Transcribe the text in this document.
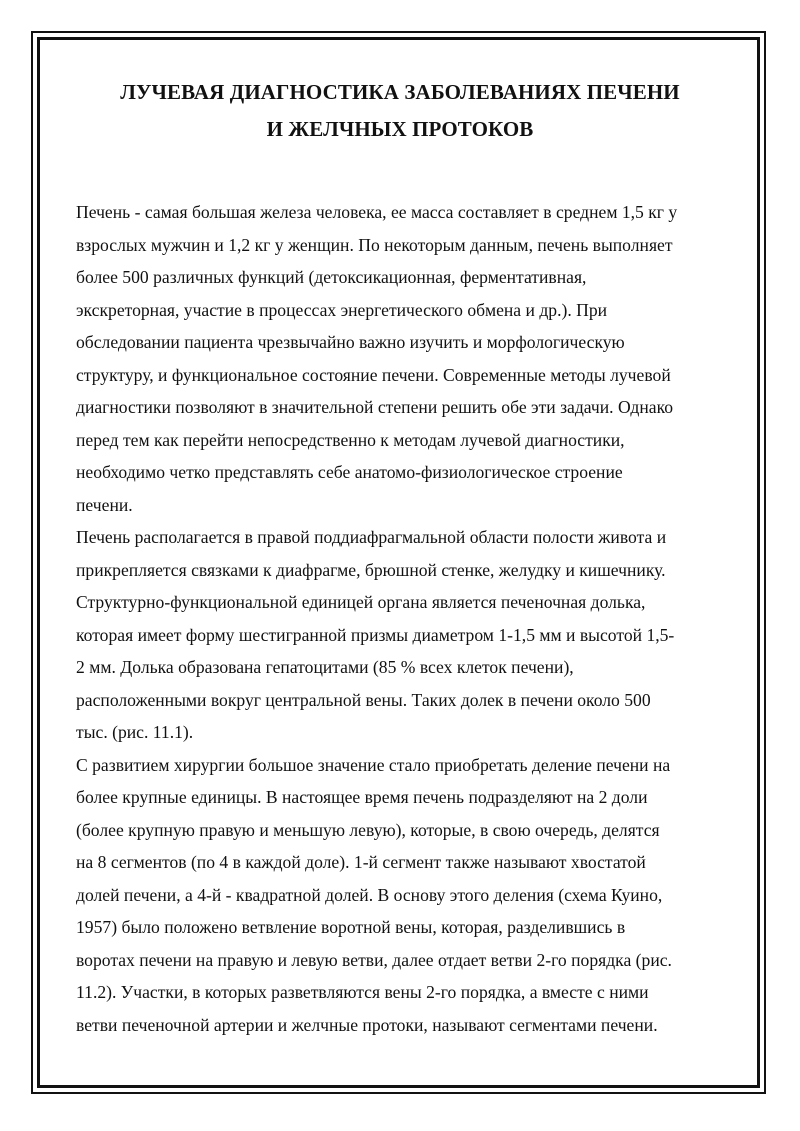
ЛУЧЕВАЯ ДИАГНОСТИКА ЗАБОЛЕВАНИЯХ ПЕЧЕНИ
И ЖЕЛЧНЫХ ПРОТОКОВ

Печень - самая большая железа человека, ее масса составляет в среднем 1,5 кг у
взрослых мужчин и 1,2 кг у женщин. По некоторым данным, печень выполняет
более 500 различных функций (детоксикационная, ферментативная,
экскреторная, участие в процессах энергетического обмена и др.). При
обследовании пациента чрезвычайно важно изучить и морфологическую
структуру, и функциональное состояние печени. Современные методы лучевой
диагностики позволяют в значительной степени решить обе эти задачи. Однако
перед тем как перейти непосредственно к методам лучевой диагностики,
необходимо четко представлять себе анатомо-физиологическое строение
печени.

Печень располагается в правой поддиафрагмальной области полости живота и
прикрепляется связками к диафрагме, брюшной стенке, желудку и кишечнику.
Структурно-функциональной единицей органа является печеночная долька,
которая имеет форму шестигранной призмы диаметром 1-1,5 мм и высотой 1,5-
2 мм. Долька образована гепатоцитами (85 % всех клеток печени),
расположенными вокруг центральной вены. Таких долек в печени около 500
тыс. (рис. 11.1).

С развитием хирургии большое значение стало приобретать деление печени на
более крупные единицы. В настоящее время печень подразделяют на 2 доли
(более крупную правую и меньшую левую), которые, в свою очередь, делятся
на 8 сегментов (по 4 в каждой доле). 1-й сегмент также называют хвостатой
долей печени, а 4-й - квадратной долей. В основу этого деления (схема Куино,
1957) было положено ветвление воротной вены, которая, разделившись в
воротах печени на правую и левую ветви, далее отдает ветви 2-го порядка (рис.
11.2). Участки, в которых разветвляются вены 2-го порядка, а вместе с ними
ветви печеночной артерии и желчные протоки, называют сегментами печени.
